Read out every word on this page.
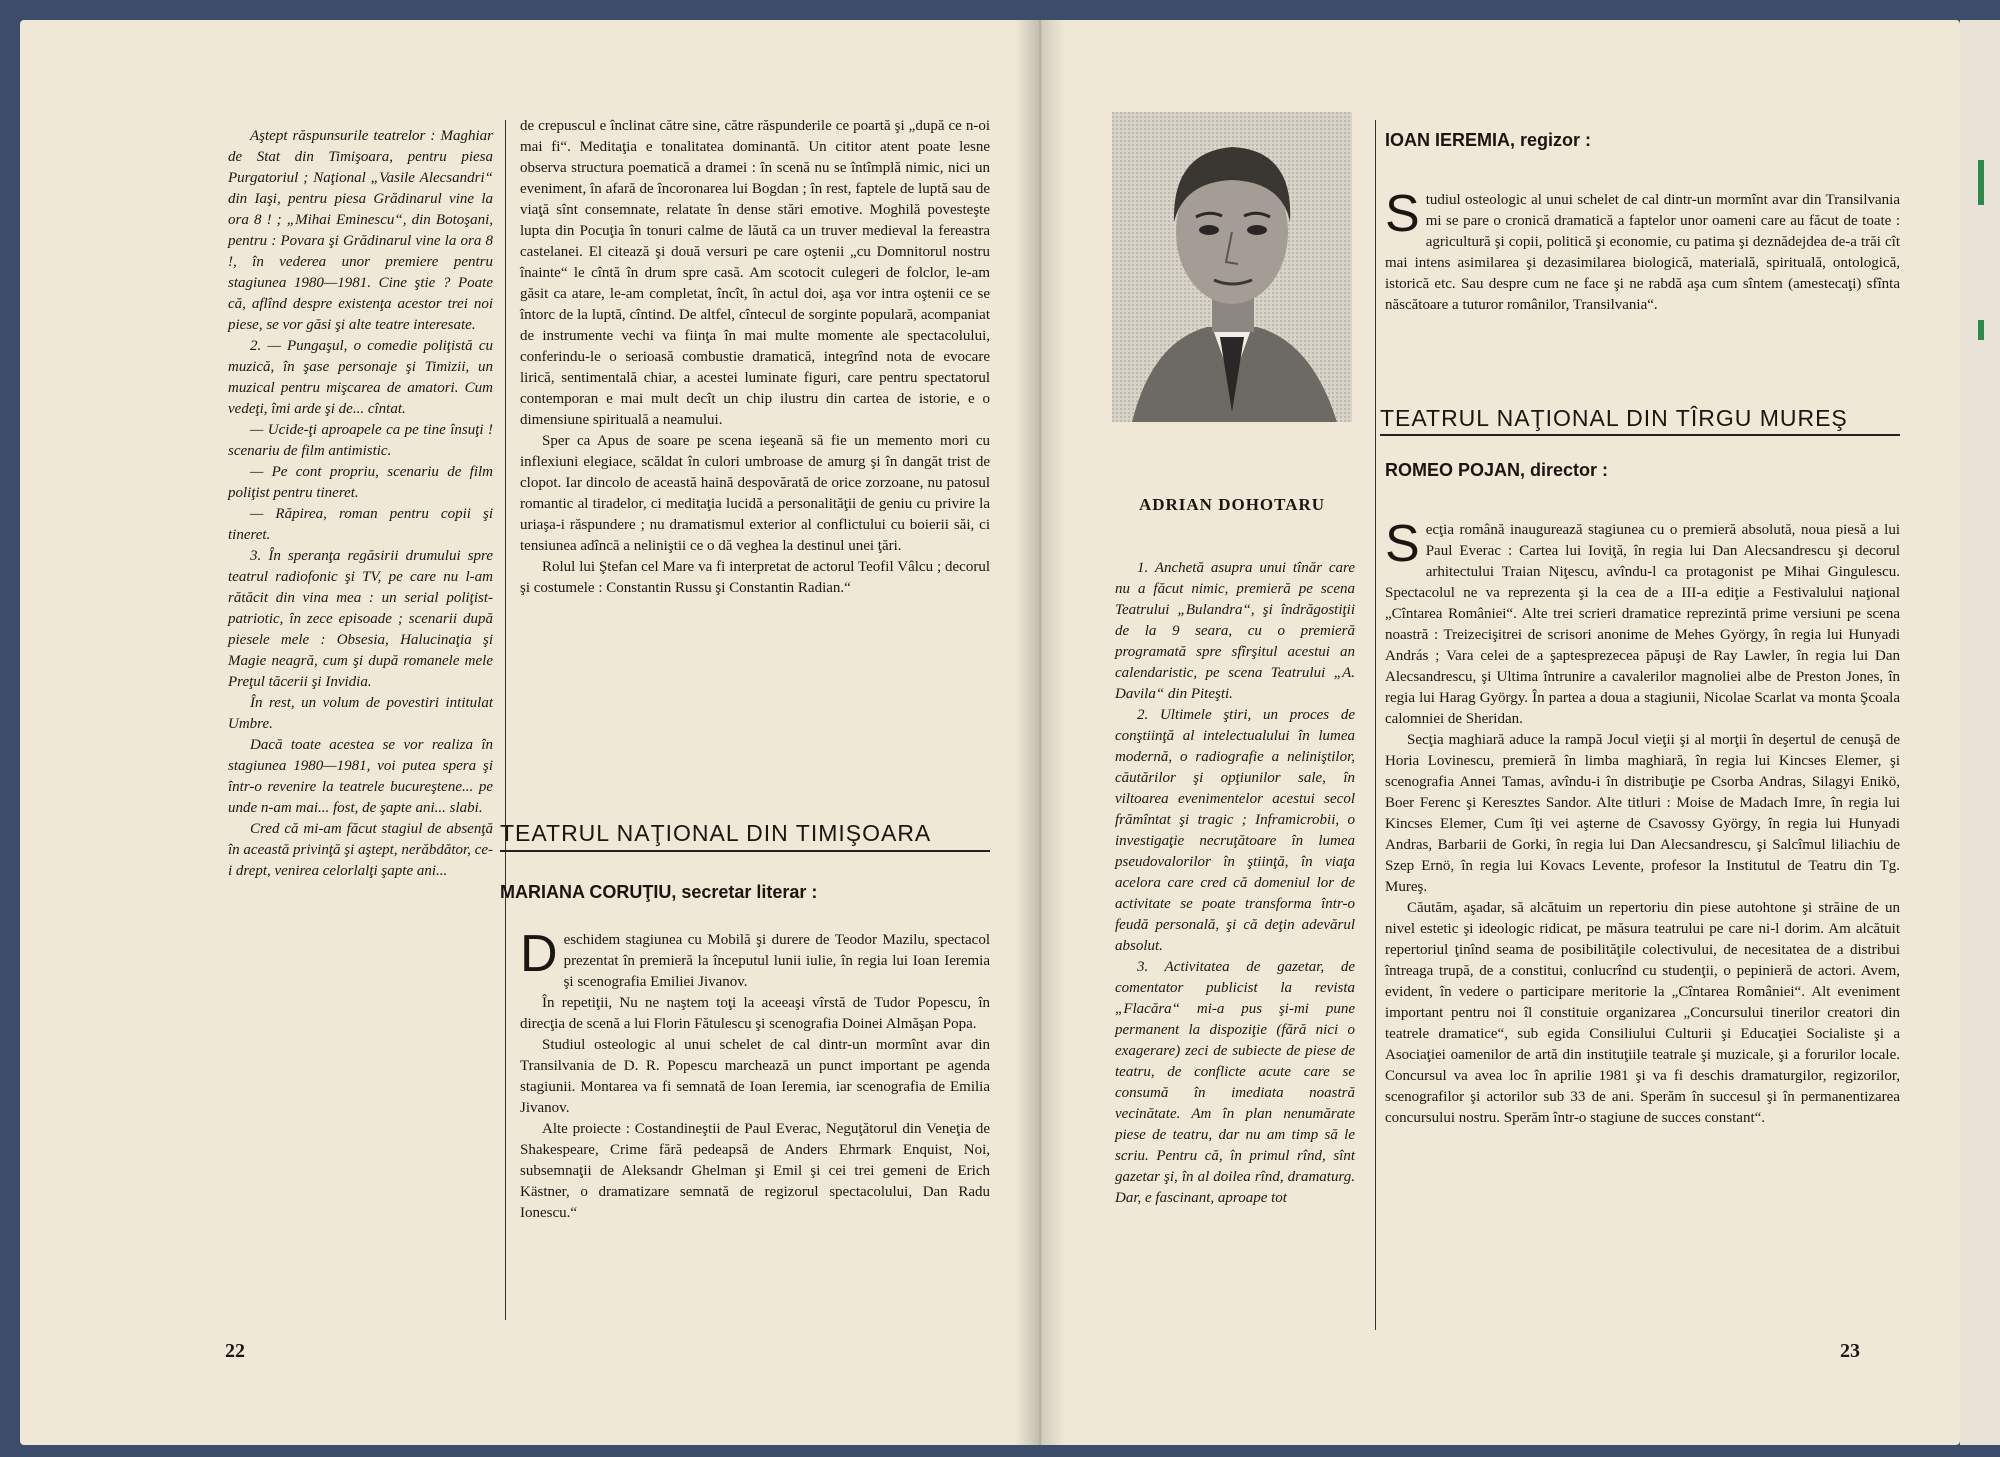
Aştept răspunsurile teatrelor : Maghiar de Stat din Timişoara, pentru piesa Purgatoriul ; Naţional „Vasile Alecsandri“ din Iaşi, pentru piesa Grădinarul vine la ora 8 ! ; „Mihai Eminescu“, din Botoşani, pentru : Povara şi Grădinarul vine la ora 8 !, în vederea unor premiere pentru stagiunea 1980—1981. Cine ştie ? Poate că, aflînd despre existenţa acestor trei noi piese, se vor găsi şi alte teatre interesate.

2. — Pungaşul, o comedie poliţistă cu muzică, în şase personaje şi Timizii, un muzical pentru mişcarea de amatori. Cum vedeţi, îmi arde şi de... cîntat.

— Ucide-ţi aproapele ca pe tine însuţi ! scenariu de film antimistic.

— Pe cont propriu, scenariu de film poliţist pentru tineret.

— Răpirea, roman pentru copii şi tineret.

3. În speranţa regăsirii drumului spre teatrul radiofonic şi TV, pe care nu l-am rătăcit din vina mea : un serial poliţist-patriotic, în zece episoade ; scenarii după piesele mele : Obsesia, Halucinaţia şi Magie neagră, cum şi după romanele mele Preţul tăcerii şi Invidia.

În rest, un volum de povestiri intitulat Umbre.

Dacă toate acestea se vor realiza în stagiunea 1980—1981, voi putea spera şi într-o revenire la teatrele bucureştene... pe unde n-am mai... fost, de şapte ani... slabi.

Cred că mi-am făcut stagiul de absenţă în această privinţă şi aştept, nerăbdător, ce-i drept, venirea celorlalţi şapte ani...

de crepuscul e înclinat către sine, către răspunderile ce poartă şi „după ce n-oi mai fi“. Meditaţia e tonalitatea dominantă. Un cititor atent poate lesne observa structura poematică a dramei : în scenă nu se întîmplă nimic, nici un eveniment, în afară de încoronarea lui Bogdan ; în rest, faptele de luptă sau de viaţă sînt consemnate, relatate în dense stări emotive. Moghilă povesteşte lupta din Pocuţia în tonuri calme de lăută ca un truver medieval la fereastra castelanei. El citează şi două versuri pe care oştenii „cu Domnitorul nostru înainte“ le cîntă în drum spre casă. Am scotocit culegeri de folclor, le-am găsit ca atare, le-am completat, încît, în actul doi, aşa vor intra oştenii ce se întorc de la luptă, cîntind. De altfel, cîntecul de sorginte populară, acompaniat de instrumente vechi va fiinţa în mai multe momente ale spectacolului, conferindu-le o serioasă combustie dramatică, integrînd nota de evocare lirică, sentimentală chiar, a acestei luminate figuri, care pentru spectatorul contemporan e mai mult decît un chip ilustru din cartea de istorie, e o dimensiune spirituală a neamului.

Sper ca Apus de soare pe scena ieşeană să fie un memento mori cu inflexiuni elegiace, scăldat în culori umbroase de amurg şi în dangăt trist de clopot. Iar dincolo de această haină despovărată de orice zorzoane, nu patosul romantic al tiradelor, ci meditaţia lucidă a personalităţii de geniu cu privire la uriaşa-i răspundere ; nu dramatismul exterior al conflictului cu boierii săi, ci tensiunea adîncă a neliniştii ce o dă veghea la destinul unei ţări.

Rolul lui Ştefan cel Mare va fi interpretat de actorul Teofil Vâlcu ; decorul şi costumele : Constantin Russu şi Constantin Radian.“

TEATRUL NAŢIONAL DIN TIMIŞOARA
MARIANA CORUŢIU, secretar literar :

Deschidem stagiunea cu Mobilă şi durere de Teodor Mazilu, spectacol prezentat în premieră la începutul lunii iulie, în regia lui Ioan Ieremia şi scenografia Emiliei Jivanov.

În repetiţii, Nu ne naştem toţi la aceeaşi vîrstă de Tudor Popescu, în direcţia de scenă a lui Florin Fătulescu şi scenografia Doinei Almăşan Popa.

Studiul osteologic al unui schelet de cal dintr-un mormînt avar din Transilvania de D. R. Popescu marchează un punct important pe agenda stagiunii. Montarea va fi semnată de Ioan Ieremia, iar scenografia de Emilia Jivanov.

Alte proiecte : Costandineştii de Paul Everac, Neguţătorul din Veneţia de Shakespeare, Crime fără pedeapsă de Anders Ehrmark Enquist, Noi, subsemnaţii de Aleksandr Ghelman şi Emil şi cei trei gemeni de Erich Kästner, o dramatizare semnată de regizorul spectacolului, Dan Radu Ionescu.“

22
ADRIAN DOHOTARU

1. Anchetă asupra unui tînăr care nu a făcut nimic, premieră pe scena Teatrului „Bulandra“, şi îndrăgostiţii de la 9 seara, cu o premieră programată spre sfîrşitul acestui an calendaristic, pe scena Teatrului „A. Davila“ din Piteşti.

2. Ultimele ştiri, un proces de conştiinţă al intelectualului în lumea modernă, o radiografie a neliniştilor, căutărilor şi opţiunilor sale, în viltoarea evenimentelor acestui secol frămîntat şi tragic ; Inframicrobii, o investigaţie necruţătoare în lumea pseudovalorilor în ştiinţă, în viaţa acelora care cred că domeniul lor de activitate se poate transforma într-o feudă personală, şi că deţin adevărul absolut.

3. Activitatea de gazetar, de comentator publicist la revista „Flacăra“ mi-a pus şi-mi pune permanent la dispoziţie (fără nici o exagerare) zeci de subiecte de piese de teatru, de conflicte acute care se consumă în imediata noastră vecinătate. Am în plan nenumărate piese de teatru, dar nu am timp să le scriu. Pentru că, în primul rînd, sînt gazetar şi, în al doilea rînd, dramaturg. Dar, e fascinant, aproape tot

IOAN IEREMIA, regizor :

Studiul osteologic al unui schelet de cal dintr-un mormînt avar din Transilvania mi se pare o cronică dramatică a faptelor unor oameni care au făcut de toate : agricultură şi copii, politică şi economie, cu patima şi deznădejdea de-a trăi cît mai intens asimilarea şi dezasimilarea biologică, materială, spirituală, ontologică, istorică etc. Sau despre cum ne face şi ne rabdă aşa cum sîntem (amestecaţi) sfînta născătoare a tuturor românilor, Transilvania“.

TEATRUL NAŢIONAL DIN TÎRGU MUREŞ
ROMEO POJAN, director :

Secţia română inaugurează stagiunea cu o premieră absolută, noua piesă a lui Paul Everac : Cartea lui Ioviţă, în regia lui Dan Alecsandrescu şi decorul arhitectului Traian Niţescu, avîndu-l ca protagonist pe Mihai Gingulescu. Spectacolul ne va reprezenta şi la cea de a III-a ediţie a Festivalului naţional „Cîntarea României“. Alte trei scrieri dramatice reprezintă prime versiuni pe scena noastră : Treizecişitrei de scrisori anonime de Mehes György, în regia lui Hunyadi András ; Vara celei de a şaptesprezecea păpuşi de Ray Lawler, în regia lui Dan Alecsandrescu, şi Ultima întrunire a cavalerilor magnoliei albe de Preston Jones, în regia lui Harag György. În partea a doua a stagiunii, Nicolae Scarlat va monta Şcoala calomniei de Sheridan.

Secţia maghiară aduce la rampă Jocul vieţii şi al morţii în deşertul de cenuşă de Horia Lovinescu, premieră în limba maghiară, în regia lui Kincses Elemer, şi scenografia Annei Tamas, avîndu-i în distribuţie pe Csorba Andras, Silagyi Enikö, Boer Ferenc şi Keresztes Sandor. Alte titluri : Moise de Madach Imre, în regia lui Kincses Elemer, Cum îţi vei aşterne de Csavossy György, în regia lui Hunyadi Andras, Barbarii de Gorki, în regia lui Dan Alecsandrescu, şi Salcîmul liliachiu de Szep Ernö, în regia lui Kovacs Levente, profesor la Institutul de Teatru din Tg. Mureş.

Căutăm, aşadar, să alcătuim un repertoriu din piese autohtone şi străine de un nivel estetic şi ideologic ridicat, pe măsura teatrului pe care ni-l dorim. Am alcătuit repertoriul ţinînd seama de posibilităţile colectivului, de necesitatea de a distribui întreaga trupă, de a constitui, conlucrînd cu studenţii, o pepinieră de actori. Avem, evident, în vedere o participare meritorie la „Cîntarea României“. Alt eveniment important pentru noi îl constituie organizarea „Concursului tinerilor creatori din teatrele dramatice“, sub egida Consiliului Culturii şi Educaţiei Socialiste şi a Asociaţiei oamenilor de artă din instituţiile teatrale şi muzicale, şi a forurilor locale. Concursul va avea loc în aprilie 1981 şi va fi deschis dramaturgilor, regizorilor, scenografilor şi actorilor sub 33 de ani. Sperăm în succesul şi în permanentizarea concursului nostru. Sperăm într-o stagiune de succes constant“.

23
